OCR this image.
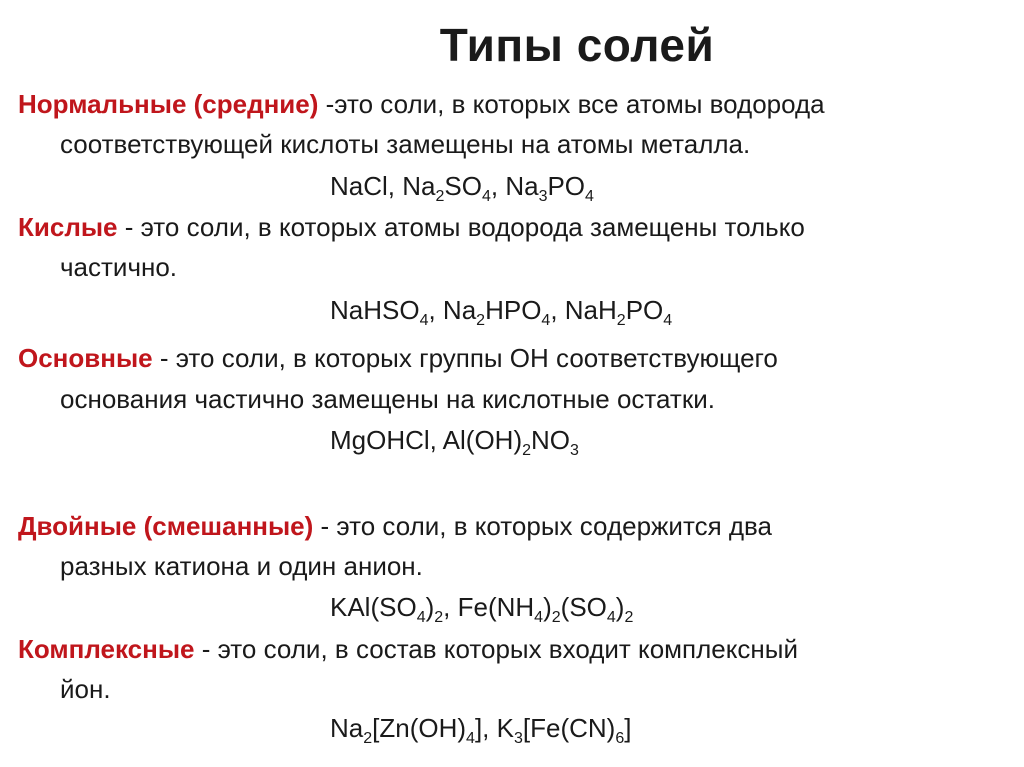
Типы солей
Нормальные (средние) -это соли, в которых все атомы водорода
соответствующей кислоты замещены на атомы металла.
NaCl, $Na_2SO_4$, $Na_3PO_4$
Кислые - это соли, в которых атомы водорода замещены только
частично.
NaHSO$_4$, $Na_2HPO_4$, $NaH_2PO_4$
Основные - это соли, в которых группы OH соответствующего
основания частично замещены на кислотные остатки.
MgOHCl, $Al(OH)_2NO_3$
Двойные (смешанные) - это соли, в которых содержится два
разных катиона и один анион.
$KAl(SO_4)_2$, $Fe(NH_4)_2(SO_4)_2$
Комплексные - это соли, в состав которых входит комплексный
йон.
$Na_2[Zn(OH)_4]$, $K_3[Fe(CN)_6]$
